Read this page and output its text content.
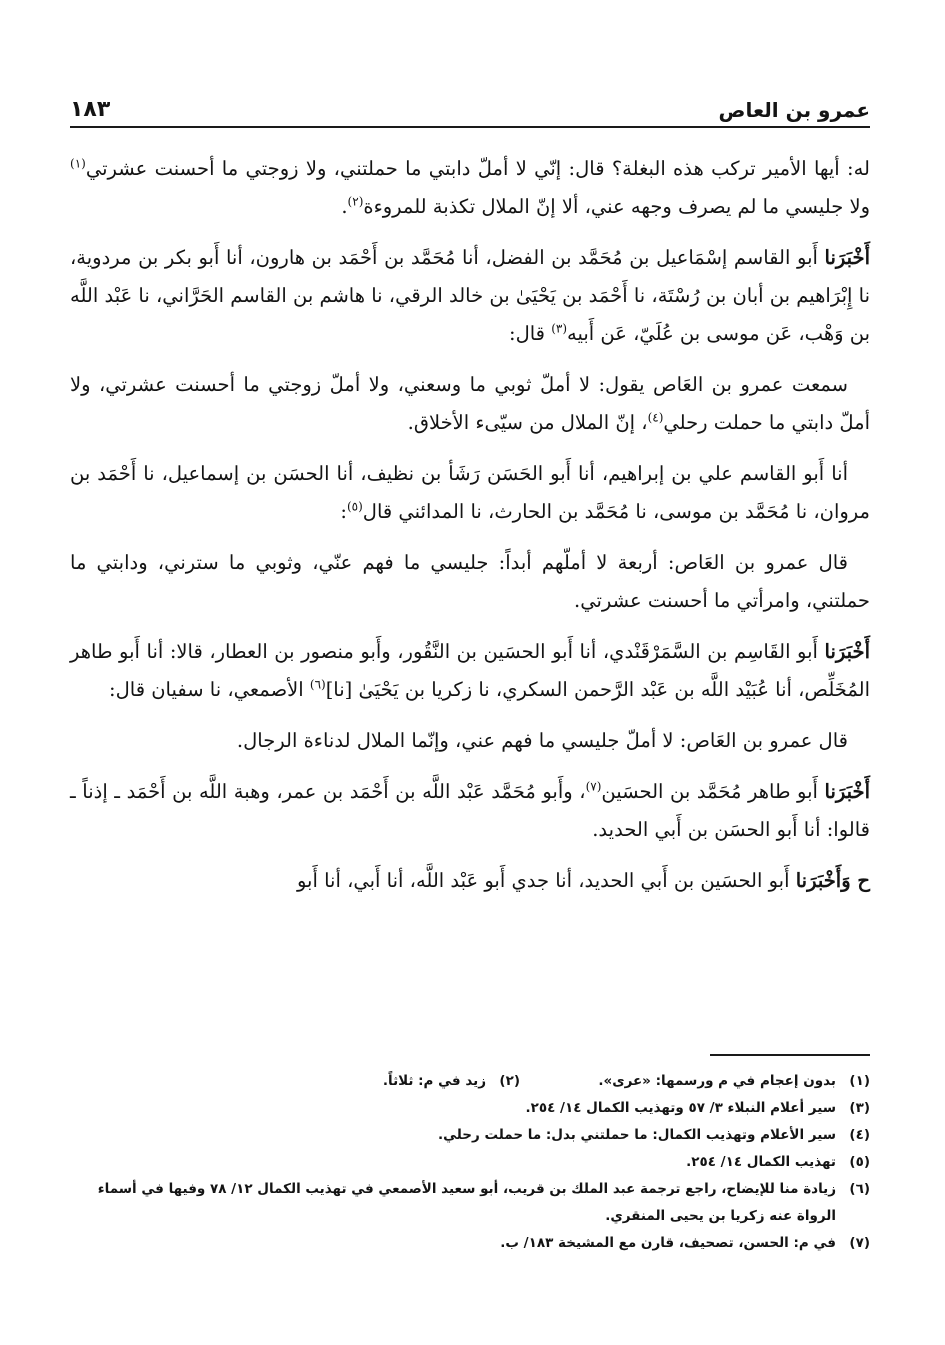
عمرو بن العاص
١٨٣

له: أيها الأمير تركب هذه البغلة؟ قال: إنّي لا أملّ دابتي ما حملتني، ولا زوجتي ما أحسنت عشرتي$^{(١)}$ ولا جليسي ما لم يصرف وجهه عني، ألا إنّ الملال تكذبة للمروءة$^{(٢)}$.

أَخْبَرَنا أَبو القاسم إسْمَاعيل بن مُحَمَّد بن الفضل، أنا مُحَمَّد بن أَحْمَد بن هارون، أنا أَبو بكر بن مردوية، نا إِبْرَاهيم بن أبان بن رُسْتَة، نا أَحْمَد بن يَحْيَىٰ بن خالد الرقي، نا هاشم بن القاسم الحَرَّاني، نا عَبْد اللَّه بن وَهْب، عَن موسى بن عُلَيّ، عَن أَبيه$^{(٣)}$ قال:

سمعت عمرو بن العَاص يقول: لا أملّ ثوبي ما وسعني، ولا أملّ زوجتي ما أحسنت عشرتي، ولا أملّ دابتي ما حملت رحلي$^{(٤)}$، إنّ الملال من سيّىء الأخلاق.

أنا أَبو القاسم علي بن إبراهيم، أنا أَبو الحَسَن رَشَأ بن نظيف، أنا الحسَن بن إسماعيل، نا أَحْمَد بن مروان، نا مُحَمَّد بن موسى، نا مُحَمَّد بن الحارث، نا المدائني قال$^{(٥)}$:

قال عمرو بن العَاص: أربعة لا أملّهم أبداً: جليسي ما فهم عنّي، وثوبي ما سترني، ودابتي ما حملتني، وامرأتي ما أحسنت عشرتي.

أَخْبَرَنا أَبو القَاسِم بن السَّمَرْقَنْدي، أنا أَبو الحسَين بن النَّقُور، وأَبو منصور بن العطار، قالا: أنا أَبو طاهر المُخَلِّص، أنا عُبَيْد اللَّه بن عَبْد الرَّحمن السكري، نا زكريا بن يَحْيَىٰ [نا]$^{(٦)}$ الأصمعي، نا سفيان قال:

قال عمرو بن العَاص: لا أملّ جليسي ما فهم عني، وإنّما الملال لدناءة الرجال.

أَخْبَرَنا أَبو طاهر مُحَمَّد بن الحسَين$^{(٧)}$، وأَبو مُحَمَّد عَبْد اللَّه بن أَحْمَد بن عمر، وهبة اللَّه بن أَحْمَد ـ إذناً ـ قالوا: أنا أَبو الحسَن بن أَبي الحديد.

ح وَأَخْبَرَنا أَبو الحسَين بن أَبي الحديد، أنا جدي أَبو عَبْد اللَّه، أنا أَبي، أنا أَبو

(١)
بدون إعجام في م ورسمها: «عرى».
(٢)
زيد في م: ثلاثاً.
(٣)
سير أعلام النبلاء ٣/ ٥٧ وتهذيب الكمال ١٤/ ٢٥٤.
(٤)
سير الأعلام وتهذيب الكمال: ما حملتني بدل: ما حملت رحلي.
(٥)
تهذيب الكمال ١٤/ ٢٥٤.
(٦)
زيادة منا للإيضاح، راجع ترجمة عبد الملك بن قريب، أبو سعيد الأصمعي في تهذيب الكمال ١٢/ ٧٨ وفيها في أسماء الرواة عنه زكريا بن يحيى المنقري.
(٧)
في م: الحسن، تصحيف، قارن مع المشيخة ١٨٣/ ب.
